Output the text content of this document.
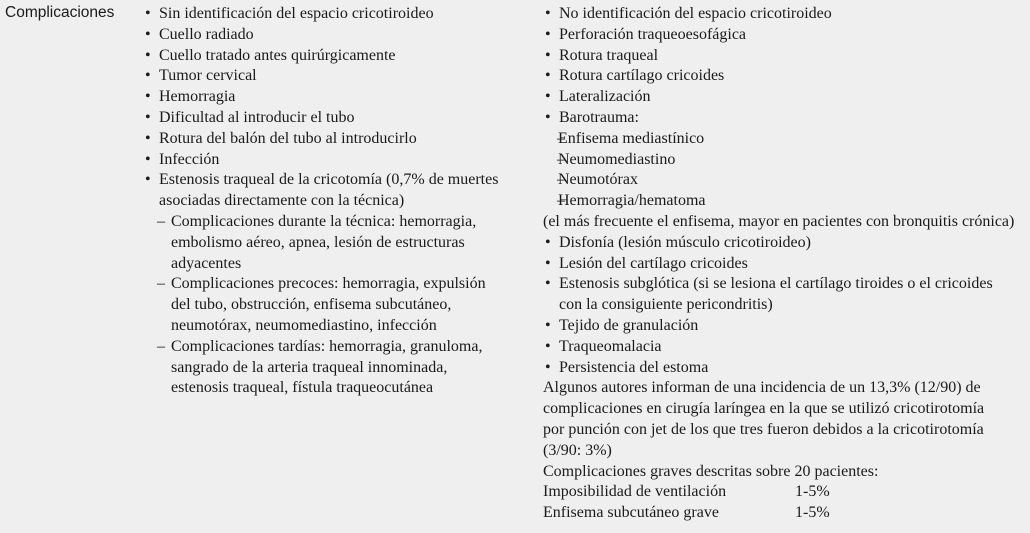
Complicaciones
•	Sin identificación del espacio cricotiroideo
• Cuello radiado
• Cuello tratado antes quirúrgicamente
• Tumor cervical
• Hemorragia
• Dificultad al introducir el tubo
• Rotura del balón del tubo al introducirlo
• Infección
• Estenosis traqueal de la cricotomía (0,7% de muertes
asociadas directamente con la técnica)
– Complicaciones durante la técnica: hemorragia,
embolismo aéreo, apnea, lesión de estructuras
adyacentes
– Complicaciones precoces: hemorragia, expulsión
del tubo, obstrucción, enfisema subcutáneo,
neumotórax, neumomediastino, infección
– Complicaciones tardías: hemorragia, granuloma,
sangrado de la arteria traqueal innominada,
estenosis traqueal, fístula traqueocutánea
• No identificación del espacio cricotiroideo
• Perforación traqueoesofágica
• Rotura traqueal
• Rotura cartílago cricoides
• Lateralización
• Barotrauma:
– Enfisema mediastínico
– Neumomediastino
– Neumotórax
– Hemorragia/hematoma
(el más frecuente el enfisema, mayor en pacientes con bronquitis crónica)
• Disfonía (lesión músculo cricotiroideo)
• Lesión del cartílago cricoides
• Estenosis subglótica (si se lesiona el cartílago tiroides o el cricoides
con la consiguiente pericondritis)
• Tejido de granulación
• Traqueomalacia
• Persistencia del estoma
Algunos autores informan de una incidencia de un 13,3% (12/90) de
complicaciones en cirugía laríngea en la que se utilizó cricotirotomía
por punción con jet de los que tres fueron debidos a la cricotirotomía
(3/90: 3%)
Complicaciones graves descritas sobre 20 pacientes:
Imposibilidad de ventilación	1-5%
Enfisema subcutáneo grave	1-5%
